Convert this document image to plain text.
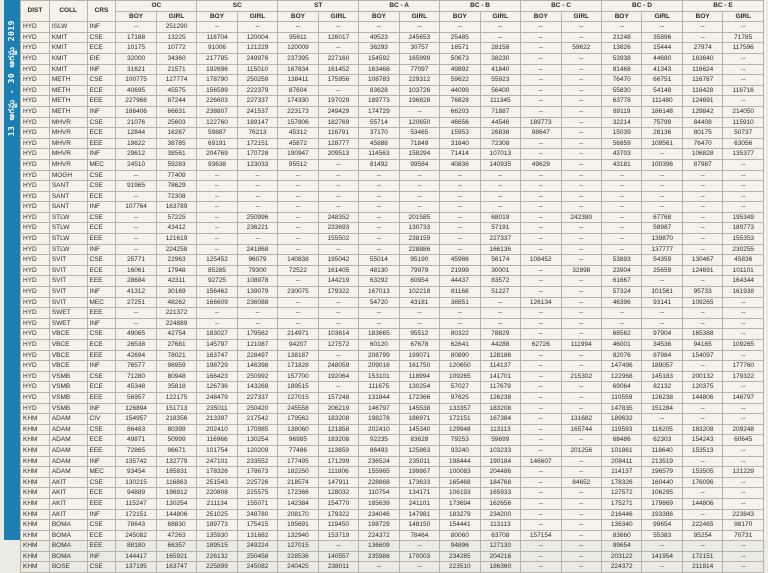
13 ఆగస్టు - 30 ఆగస్టు 2019
DIST	COLL	CRS	OC		SC		ST		BC - A		BC - B		BC - C		BC - D		BC - E	
			BOY	GIRL	BOY	GIRL	BOY	GIRL	BOY	GIRL	BOY	GIRL	BOY	GIRL	BOY	GIRL	BOY	GIRL
HYD	ISLW	INF	--	251290	--	--	--	--	--	--	--	--	--	--	--	--	--	--
HYD	KMIT	CSE	17188	13225	118704	120004	95611	126017	49523	245653	25485	--	--	--	21248	35896	--	71785
HYD	KMIT	ECE	10175	10772	91006	121229	120009	--	36293	30757	16571	28158	--	59622	13826	15444	27974	117596
HYD	KMIT	EIE	32000	34360	217785	249976	237395	227160	154592	165999	50673	38230	--	--	53938	44680	163640	--
HYD	KMIT	INF	31621	21571	192696	115010	167834	161452	163468	77097	49892	41840	--	--	81468	41343	116624	--
HYD	METH	CSE	100775	127774	178790	250259	138411	175956	108783	229312	59622	55923	--	--	76470	66751	116787	--
HYD	METH	ECE	40695	45575	156599	222379	87604	--	83628	103726	44099	56400	--	--	55830	54148	116428	116716
HYD	METH	EEE	227968	87244	226603	227337	174330	197029	189773	196828	76828	111345	--	--	63778	111480	124691	--
HYD	METH	INF	186406	66631	238807	241537	223173	249429	174729	--	66203	71887	--	--	89119	186148	129842	214050
HYD	MHVR	CSE	21076	25603	122760	189147	157806	182769	55714	120650	46656	44546	189773	--	32214	75799	84408	115910
HYD	MHVR	ECE	12844	16267	59887	76213	45312	116791	37170	53465	15953	26838	98647	--	15039	28136	80175	50737
HYD	MHVR	EEE	19622	38785	69191	172151	45872	128777	45888	71849	31840	72308	--	--	56859	109561	76470	63056
HYD	MHVR	INF	29612	38561	204769	170728	190947	209513	114563	158294	71414	107013	--	--	43703	--	106828	135377
HYD	MHVR	MEC	24510	59283	93638	123033	95512	--	81492	99584	40836	140935	49629	--	43181	100396	87987	--
HYD	MOGH	CSE	--	77409	--	--	--	--	--	--	--	--	--	--	--	--	--	--
HYD	SANT	CSE	91965	78629	--	--	--	--	--	--	--	--	--	--	--	--	--	--
HYD	SANT	ECE	--	72308	--	--	--	--	--	--	--	--	--	--	--	--	--	--
HYD	SANT	INF	107764	163789	--	--	--	--	--	--	--	--	--	--	--	--	--	--
HYD	STLW	CSE	--	57225	--	250996	--	248352	--	201585	--	68019	--	242380	--	67768	--	195349
HYD	STLW	ECE	--	43412	--	236221	--	233693	--	130733	--	57191	--	--	--	58987	--	189773
HYD	STLW	EEE	--	121619	--	--	--	155502	--	238159	--	227337	--	--	--	139870	--	155353
HYD	STLW	INF	--	224258	--	241868	--	--	--	228886	--	166136	--	--	--	137777	--	230255
HYD	SVIT	CSE	25771	22963	125452	96079	140838	195042	55014	95190	45986	56174	108452	--	53893	54359	130467	45836
HYD	SVIT	ECE	16061	17948	85285	79300	72522	161405	48130	79979	21999	30001	--	32898	23904	25659	124691	101101
HYD	SVIT	EEE	28684	42311	92725	108978	--	144219	63292	60954	44437	83572	--	--	61667	--	--	164344
HYD	SVIT	INF	41312	30169	156462	139079	230075	179322	167013	102218	81168	51227	--	--	57324	101561	95733	161938
HYD	SVIT	MEC	27251	48262	166609	236088	--	--	54720	43181	38851	--	126134	--	46396	93141	109265	--
HYD	SWET	EEE	--	221372	--	--	--	--	--	--	--	--	--	--	--	--	--	--
HYD	SWET	INF	--	224889	--	--	--	--	--	--	--	--	--	--	--	--	--	--
HYD	VBCE	CSE	49065	42754	183027	179562	214971	103614	183665	95512	80322	78829	--	--	68562	97904	165388	--
HYD	VBCE	ECE	26538	27681	145797	121087	94207	127572	60120	67678	62641	44288	62726	111994	46001	34536	94165	109265
HYD	VBCE	EEE	42694	78021	163747	228497	138187	--	208799	199071	80890	128186	--	--	82076	87984	154097	--
HYD	VBCE	INF	76577	96959	198729	146398	171828	248059	209016	161750	120650	114137	--	--	147496	189057	--	177760
HYD	VSMB	CSE	71280	80948	166423	250992	157700	192064	153101	118994	109265	141701	--	215302	122968	145183	200132	179322
HYD	VSMB	ECE	45348	35818	126736	143269	189515	--	111675	130254	57027	117679	--	--	69064	82132	120375	--
HYD	VSMB	EEE	56957	122175	248479	227337	127015	157248	131844	172366	97625	126238	--	--	110559	126238	144806	146797
HYD	VSMB	INF	126894	151713	235011	250420	245558	206219	146797	145538	133357	183208	--	--	147835	151284	--	--
KHM	ADAM	CIV	154957	218356	213397	217542	179562	183208	198278	186971	172151	167384	--	131682	189632	--	--	--
KHM	ADAM	CSE	86463	80399	202410	170985	138060	121858	202410	145340	129948	113113	--	165744	119593	116205	183208	209248
KHM	ADAM	ECE	49871	50999	116966	130254	96985	183208	92235	83628	79253	59699	--	--	68486	62303	154243	60645
KHM	ADAM	EEE	72865	96671	101754	120209	77486	113859	86493	125863	93240	103233	--	201256	101861	118640	153513	--
KHM	ADAM	INF	135742	132779	247101	233552	177495	171299	236524	235011	198444	190184	146607	--	208411	213519	--	--
KHM	ADAM	MEC	93454	185831	178326	178673	182250	111806	155965	199867	100083	204486	--	--	114137	196579	153505	121229
KHM	AKIT	CSE	130215	116863	251543	225726	218574	147911	228868	173633	165468	184768	--	84652	178326	160440	176096	--
KHM	AKIT	ECE	94889	196912	220808	225575	172366	128032	110754	134171	106193	165933	--	--	127572	106295	--	--
KHM	AKIT	EEE	115247	130254	211134	155071	142384	154770	185639	241101	173694	162656	--	--	175271	179869	144806	--
KHM	AKIT	INF	172151	144806	251025	248780	208170	179322	234046	147981	183279	234200	--	--	216446	193386	--	223843
KHM	BOMA	CSE	78643	68830	189773	175415	195691	119450	198729	148150	154441	113113	--	--	136340	99654	222465	98170
KHM	BOMA	ECE	245082	47263	135930	131682	132940	153719	224372	78464	80060	63708	157154	--	83660	55383	95254	70731
KHM	BOMA	EEE	88180	66357	189515	249224	127015	--	136609	--	94896	127130	--	--	99654	--	--	--
KHM	BOMA	INF	144417	165921	226132	250458	228536	140557	235988	170003	234285	204216	--	--	203122	141954	172151	--
KHM	BOSE	CSE	137195	163747	225899	245082	240425	238011	--	--	223510	186360	--	--	224372	--	211814	--
